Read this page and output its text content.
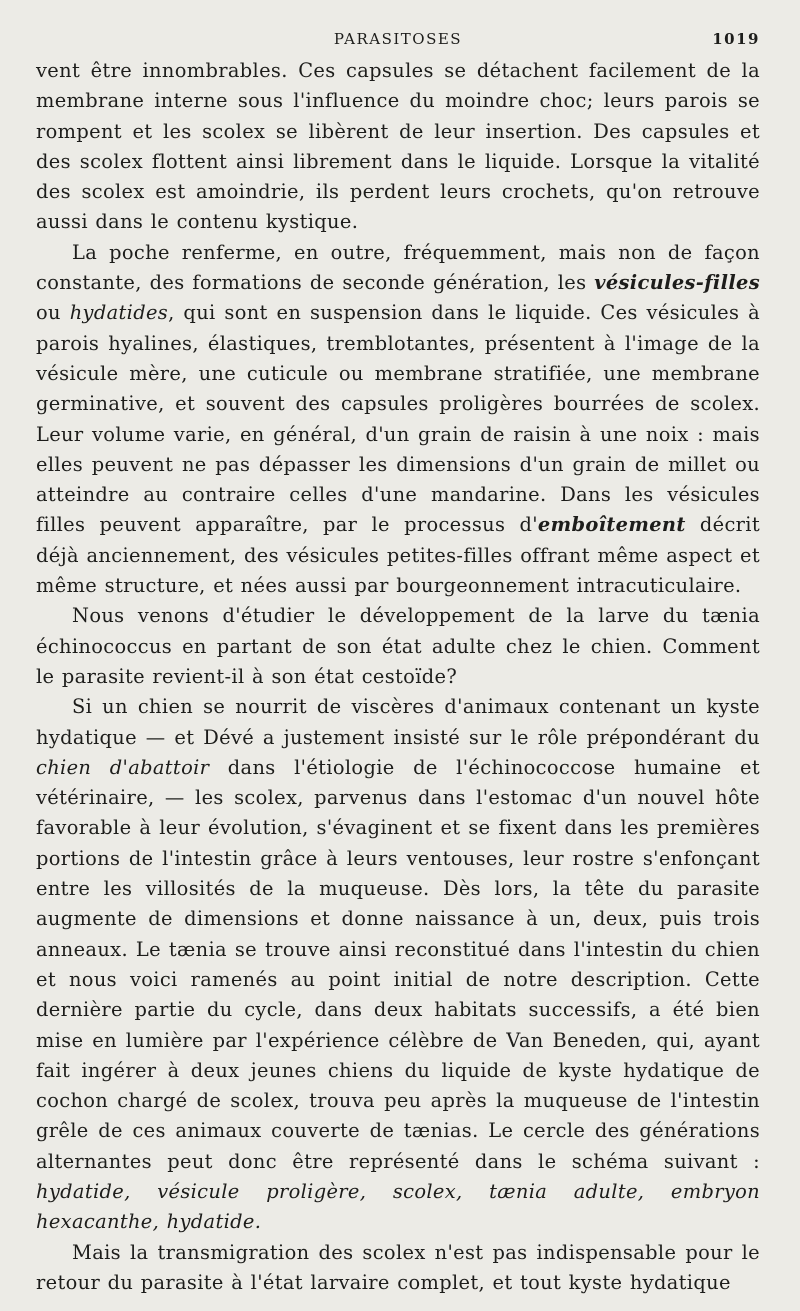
PARASITOSES	1019

vent être innombrables. Ces capsules se détachent facilement de la membrane interne sous l'influence du moindre choc; leurs parois se rompent et les scolex se libèrent de leur insertion. Des capsules et des scolex flottent ainsi librement dans le liquide. Lorsque la vitalité des scolex est amoindrie, ils perdent leurs crochets, qu'on retrouve aussi dans le contenu kystique.

La poche renferme, en outre, fréquemment, mais non de façon constante, des formations de seconde génération, les vésicules-filles ou hydatides, qui sont en suspension dans le liquide. Ces vésicules à parois hyalines, élastiques, tremblotantes, présentent à l'image de la vésicule mère, une cuticule ou membrane stratifiée, une membrane germinative, et souvent des capsules proligères bourrées de scolex. Leur volume varie, en général, d'un grain de raisin à une noix : mais elles peuvent ne pas dépasser les dimensions d'un grain de millet ou atteindre au contraire celles d'une mandarine. Dans les vésicules filles peuvent apparaître, par le processus d'emboîtement décrit déjà anciennement, des vésicules petites-filles offrant même aspect et même structure, et nées aussi par bourgeonnement intracuticulaire.

Nous venons d'étudier le développement de la larve du tænia échinococcus en partant de son état adulte chez le chien. Comment le parasite revient-il à son état cestoïde?

Si un chien se nourrit de viscères d'animaux contenant un kyste hydatique — et Dévé a justement insisté sur le rôle prépondérant du chien d'abattoir dans l'étiologie de l'échinococcose humaine et vétérinaire, — les scolex, parvenus dans l'estomac d'un nouvel hôte favorable à leur évolution, s'évaginent et se fixent dans les premières portions de l'intestin grâce à leurs ventouses, leur rostre s'enfonçant entre les villosités de la muqueuse. Dès lors, la tête du parasite augmente de dimensions et donne naissance à un, deux, puis trois anneaux. Le tænia se trouve ainsi reconstitué dans l'intestin du chien et nous voici ramenés au point initial de notre description. Cette dernière partie du cycle, dans deux habitats successifs, a été bien mise en lumière par l'expérience célèbre de Van Beneden, qui, ayant fait ingérer à deux jeunes chiens du liquide de kyste hydatique de cochon chargé de scolex, trouva peu après la muqueuse de l'intestin grêle de ces animaux couverte de tænias. Le cercle des générations alternantes peut donc être représenté dans le schéma suivant : hydatide, vésicule proligère, scolex, tænia adulte, embryon hexacanthe, hydatide.

Mais la transmigration des scolex n'est pas indispensable pour le retour du parasite à l'état larvaire complet, et tout kyste hydatique
